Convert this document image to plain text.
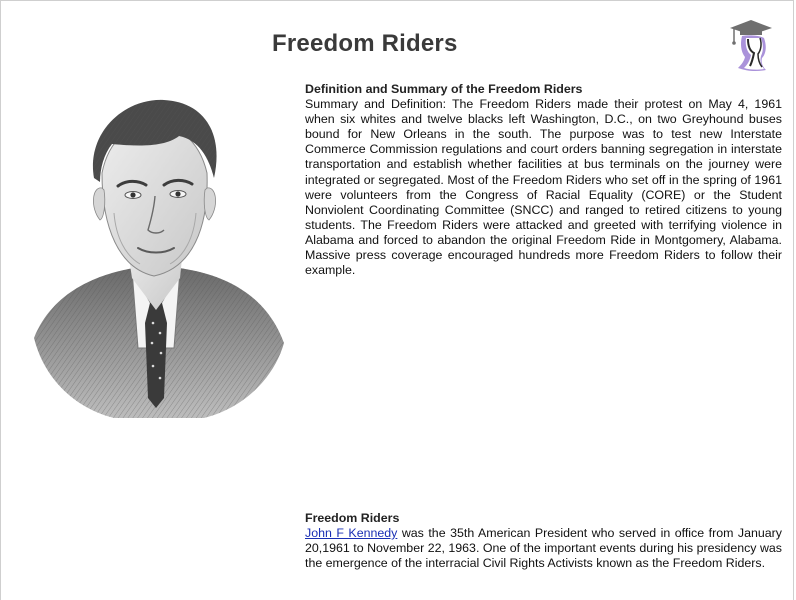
Freedom Riders
Definition and Summary of the Freedom Riders

Summary and Definition: The Freedom Riders made their protest on May 4, 1961 when six whites and twelve blacks left Washington, D.C., on two Greyhound buses bound for New Orleans in the south. The purpose was to test new Interstate Commerce Commission regulations and court orders banning segregation in interstate transportation and establish whether facilities at bus terminals on the journey were integrated or segregated. Most of the Freedom Riders who set off in the spring of 1961 were volunteers from the Congress of Racial Equality (CORE) or the Student Nonviolent Coordinating Committee (SNCC) and ranged to retired citizens to young students. The Freedom Riders were attacked and greeted with terrifying violence in Alabama and forced to abandon the original Freedom Ride in Montgomery, Alabama. Massive press coverage encouraged hundreds more Freedom Riders to follow their example.

Freedom Riders

John F Kennedy was the 35th American President who served in office from January 20,1961 to November 22, 1963. One of the important events during his presidency was the emergence of the interracial Civil Rights Activists known as the Freedom Riders.
